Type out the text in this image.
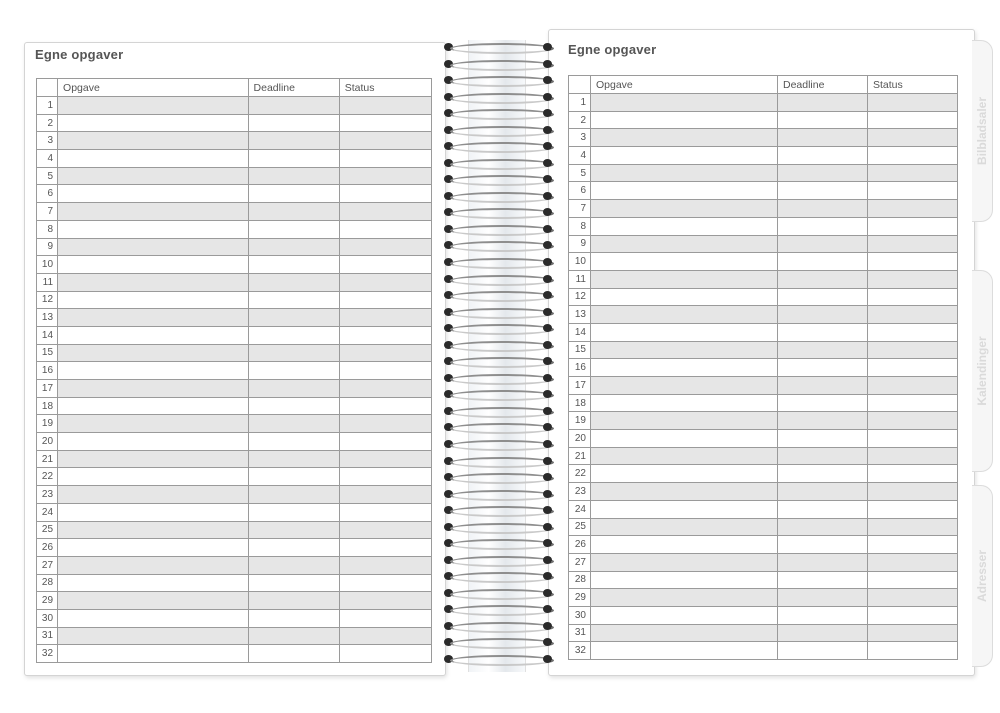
Egne opgaver
	Opgave	Deadline	Status
1			
2			
3			
4			
5			
6			
7			
8			
9			
10			
11			
12			
13			
14			
15			
16			
17			
18			
19			
20			
21			
22			
23			
24			
25			
26			
27			
28			
29			
30			
31			
32			
Egne opgaver
	Opgave	Deadline	Status
1			
2			
3			
4			
5			
6			
7			
8			
9			
10			
11			
12			
13			
14			
15			
16			
17			
18			
19			
20			
21			
22			
23			
24			
25			
26			
27			
28			
29			
30			
31			
32			
Bilbladsaler
Kalendinger
Adresser
